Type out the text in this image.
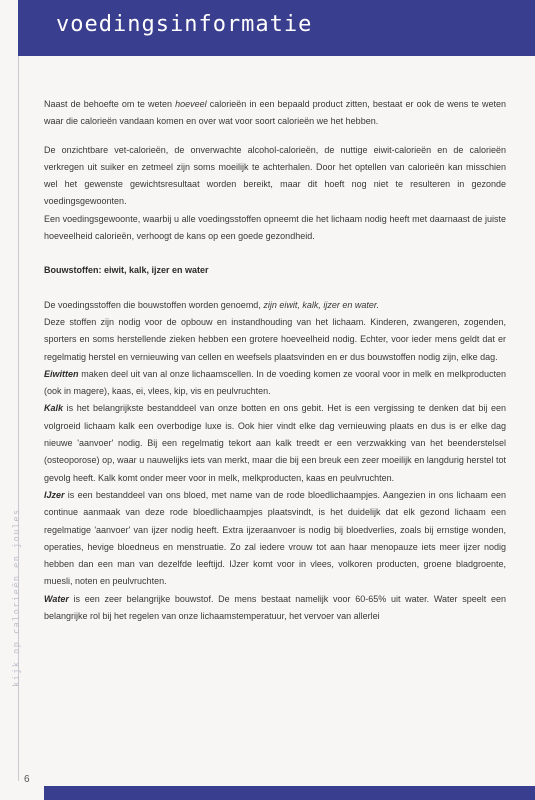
voedingsinformatie
kijk op calorieën en joules
6

Naast de behoefte om te weten hoeveel calorieën in een bepaald product zitten, bestaat er ook de wens te weten waar die calorieën vandaan komen en over wat voor soort calorieën we het hebben.

De onzichtbare vet-calorieën, de onverwachte alcohol-calorieën, de nuttige eiwit-calorieën en de calorieën verkregen uit suiker en zetmeel zijn soms moeilijk te achterhalen. Door het optellen van calorieën kan misschien wel het gewenste gewichtsresultaat worden bereikt, maar dit hoeft nog niet te resulteren in gezonde voedingsgewoonten.

Een voedingsgewoonte, waarbij u alle voedingsstoffen opneemt die het lichaam nodig heeft met daarnaast de juiste hoeveelheid calorieën, verhoogt de kans op een goede gezondheid.

Bouwstoffen: eiwit, kalk, ijzer en water

De voedingsstoffen die bouwstoffen worden genoemd, zijn eiwit, kalk, ijzer en water.

Deze stoffen zijn nodig voor de opbouw en instandhouding van het lichaam. Kinderen, zwangeren, zogenden, sporters en soms herstellende zieken hebben een grotere hoeveelheid nodig. Echter, voor ieder mens geldt dat er regelmatig herstel en vernieuwing van cellen en weefsels plaatsvinden en er dus bouwstoffen nodig zijn, elke dag.

Eiwitten maken deel uit van al onze lichaamscellen. In de voeding komen ze vooral voor in melk en melkproducten (ook in magere), kaas, ei, vlees, kip, vis en peulvruchten.

Kalk is het belangrijkste bestanddeel van onze botten en ons gebit. Het is een vergissing te denken dat bij een volgroeid lichaam kalk een overbodige luxe is. Ook hier vindt elke dag vernieuwing plaats en dus is er elke dag nieuwe 'aanvoer' nodig. Bij een regelmatig tekort aan kalk treedt er een verzwakking van het beenderstelsel (osteoporose) op, waar u nauwelijks iets van merkt, maar die bij een breuk een zeer moeilijk en langdurig herstel tot gevolg heeft. Kalk komt onder meer voor in melk, melkproducten, kaas en peulvruchten.

IJzer is een bestanddeel van ons bloed, met name van de rode bloedlichaampjes. Aangezien in ons lichaam een continue aanmaak van deze rode bloedlichaampjes plaatsvindt, is het duidelijk dat elk gezond lichaam een regelmatige 'aanvoer' van ijzer nodig heeft. Extra ijzeraanvoer is nodig bij bloedverlies, zoals bij ernstige wonden, operaties, hevige bloedneus en menstruatie. Zo zal iedere vrouw tot aan haar menopauze iets meer ijzer nodig hebben dan een man van dezelfde leeftijd. IJzer komt voor in vlees, volkoren producten, groene bladgroente, muesli, noten en peulvruchten.

Water is een zeer belangrijke bouwstof. De mens bestaat namelijk voor 60-65% uit water. Water speelt een belangrijke rol bij het regelen van onze lichaamstemperatuur, het vervoer van allerlei
